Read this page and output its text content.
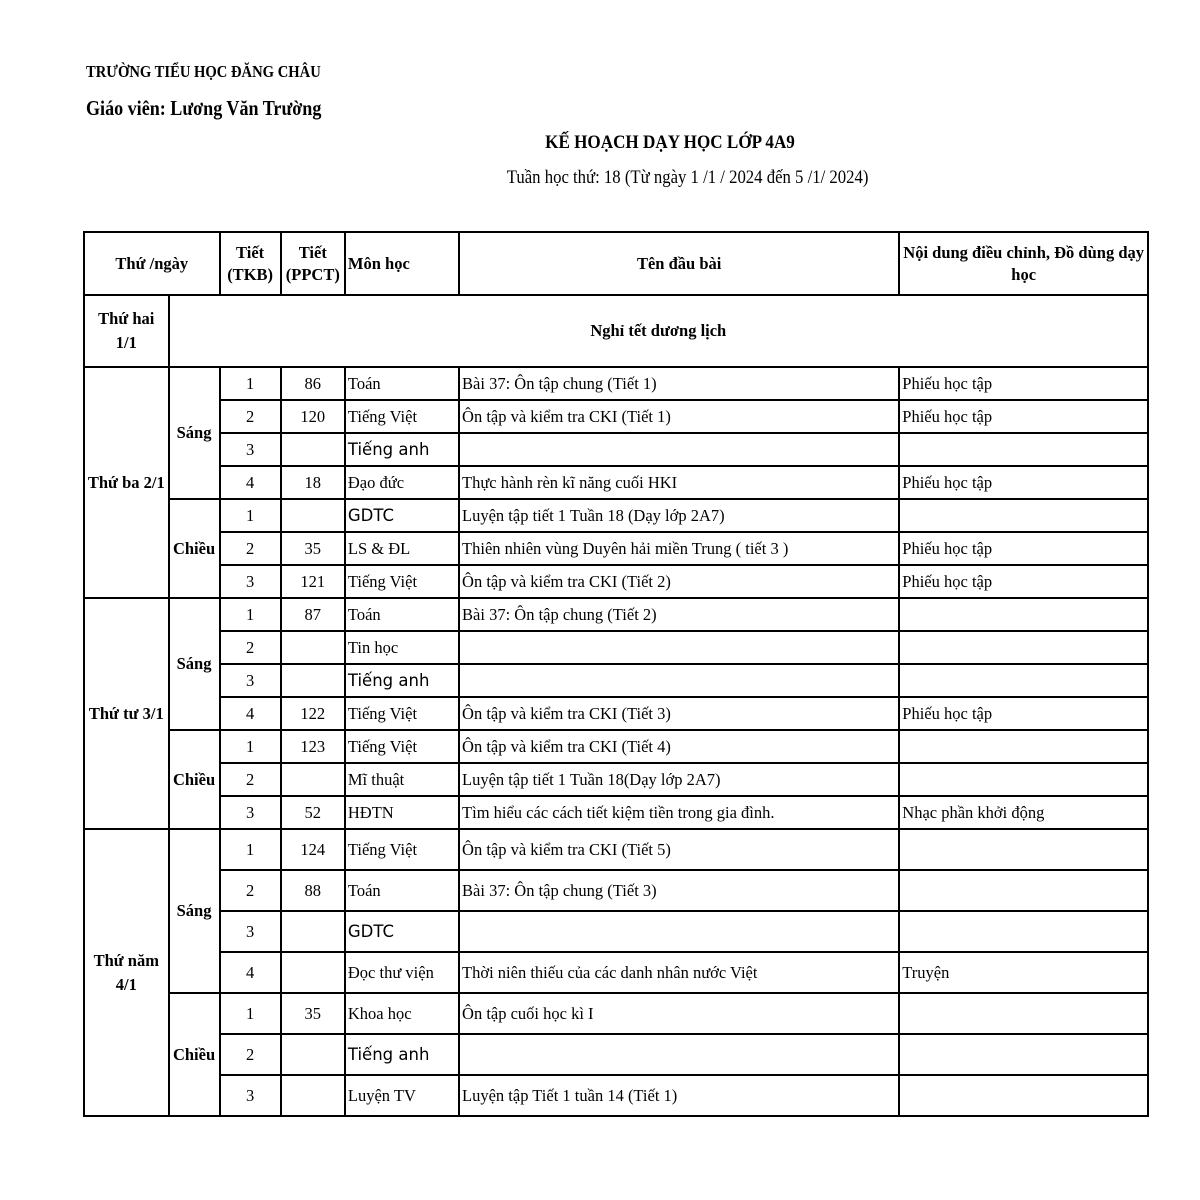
TRƯỜNG TIỂU HỌC ĐĂNG CHÂU
Giáo viên: Lương Văn Trường
KẾ HOẠCH DẠY HỌC LỚP 4A9
Tuần học thứ: 18 (Từ ngày 1 /1 / 2024 đến 5 /1/ 2024)
Thứ /ngày		Tiết (TKB)	Tiết (PPCT)	Môn học	Tên đầu bài	Nội dung điều chỉnh, Đồ dùng dạy học
Thứ hai 1/1	Nghỉ tết dương lịch					
Thứ ba 2/1	Sáng	1	86	Toán	Bài 37: Ôn tập chung (Tiết 1)	Phiếu học tập
		2	120	Tiếng Việt	Ôn tập và kiểm tra CKI (Tiết 1)	Phiếu học tập
		3		Tiếng anh		
		4	18	Đạo đức	Thực hành rèn kĩ năng cuối HKI	Phiếu học tập
	Chiều	1		GDTC	Luyện tập tiết 1 Tuần 18 (Dạy lớp 2A7)	
		2	35	LS & ĐL	Thiên nhiên vùng Duyên hải miền Trung ( tiết 3 )	Phiếu học tập
		3	121	Tiếng Việt	Ôn tập và kiểm tra CKI (Tiết 2)	Phiếu học tập
Thứ tư 3/1	Sáng	1	87	Toán	Bài 37: Ôn tập chung (Tiết 2)	
		2		Tin học		
		3		Tiếng anh		
		4	122	Tiếng Việt	Ôn tập và kiểm tra CKI (Tiết 3)	Phiếu học tập
	Chiều	1	123	Tiếng Việt	Ôn tập và kiểm tra CKI (Tiết 4)	
		2		Mĩ thuật	Luyện tập tiết 1 Tuần 18(Dạy lớp 2A7)	
		3	52	HĐTN	Tìm hiểu các cách tiết kiệm tiền trong gia đình.	Nhạc phần khởi động
Thứ năm 4/1	Sáng	1	124	Tiếng Việt	Ôn tập và kiểm tra CKI (Tiết 5)	
		2	88	Toán	Bài 37: Ôn tập chung (Tiết 3)	
		3		GDTC		
		4		Đọc thư viện	Thời niên thiếu của các danh nhân nước Việt	Truyện
	Chiều	1	35	Khoa học	Ôn tập cuối học kì I	
		2		Tiếng anh		
		3		Luyện TV	Luyện tập Tiết 1 tuần 14 (Tiết 1)	
